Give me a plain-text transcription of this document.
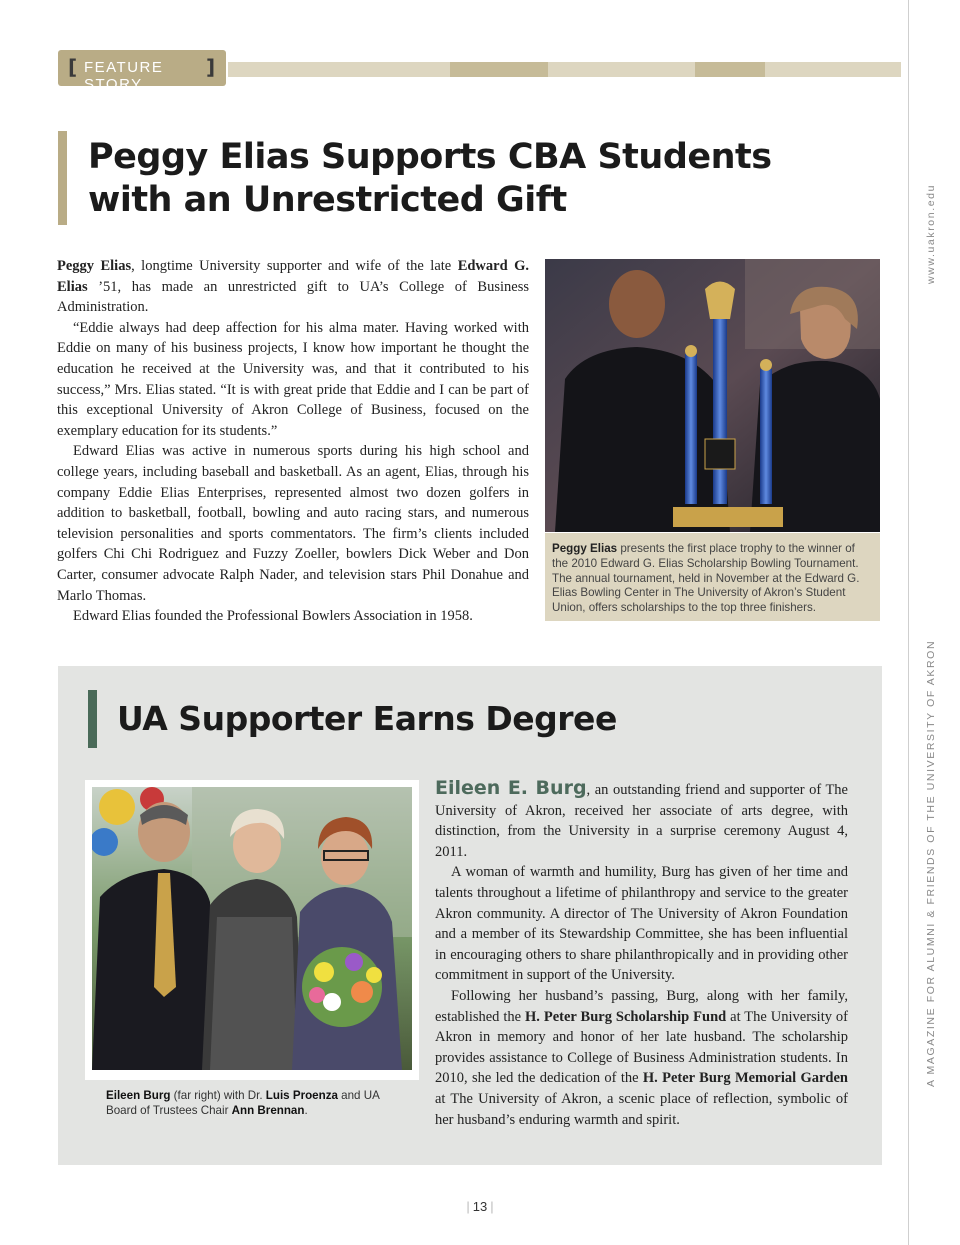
[ FEATURE STORY
]
www.uakron.edu
A MAGAZINE FOR ALUMNI & FRIENDS OF THE UNIVERSITY OF AKRON
Peggy Elias Supports CBA Students
with an Unrestricted Gift

Peggy Elias, longtime University supporter and wife of the late Edward G. Elias ’51, has made an unrestricted gift to UA’s College of Business Administration.

“Eddie always had deep affection for his alma mater. Having worked with Eddie on many of his business projects, I know how important he thought the education he received at the University was, and that it contributed to his success,” Mrs. Elias stated. “It is with great pride that Eddie and I can be part of this exceptional University of Akron College of Business, focused on the exemplary education for its students.”

Edward Elias was active in numerous sports during his high school and college years, including baseball and basketball. As an agent, Elias, through his company Eddie Elias Enterprises, represented almost two dozen golfers in addition to basketball, football, bowling and auto racing stars, and numerous television personalities and sports commentators. The firm’s clients included golfers Chi Chi Rodriguez and Fuzzy Zoeller, bowlers Dick Weber and Don Carter, consumer advocate Ralph Nader, and television stars Phil Donahue and Marlo Thomas.

Edward Elias founded the Professional Bowlers Association in 1958.

Peggy Elias presents the first place trophy to the winner of the 2010 Edward G. Elias Scholarship Bowling Tournament. The annual tournament, held in November at the Edward G. Elias Bowling Center in The University of Akron’s Student Union, offers scholarships to the top three finishers.
UA Supporter Earns Degree
Eileen Burg (far right) with Dr. Luis Proenza and UA Board of Trustees Chair Ann Brennan.

Eileen E. Burg, an outstanding friend and supporter of The University of Akron, received her associate of arts degree, with distinction, from the University in a surprise ceremony August 4, 2011.

A woman of warmth and humility, Burg has given of her time and talents throughout a lifetime of philanthropy and service to the greater Akron community. A director of The University of Akron Foundation and a member of its Stewardship Committee, she has been influential in encouraging others to share philanthropically and in providing other commitment in support of the University.

Following her husband’s passing, Burg, along with her family, established the H. Peter Burg Scholarship Fund at The University of Akron in memory and honor of her late husband. The scholarship provides assistance to College of Business Administration students. In 2010, she led the dedication of the H. Peter Burg Memorial Garden at The University of Akron, a scenic place of reflection, symbolic of her husband’s enduring warmth and spirit.

| 13 |
